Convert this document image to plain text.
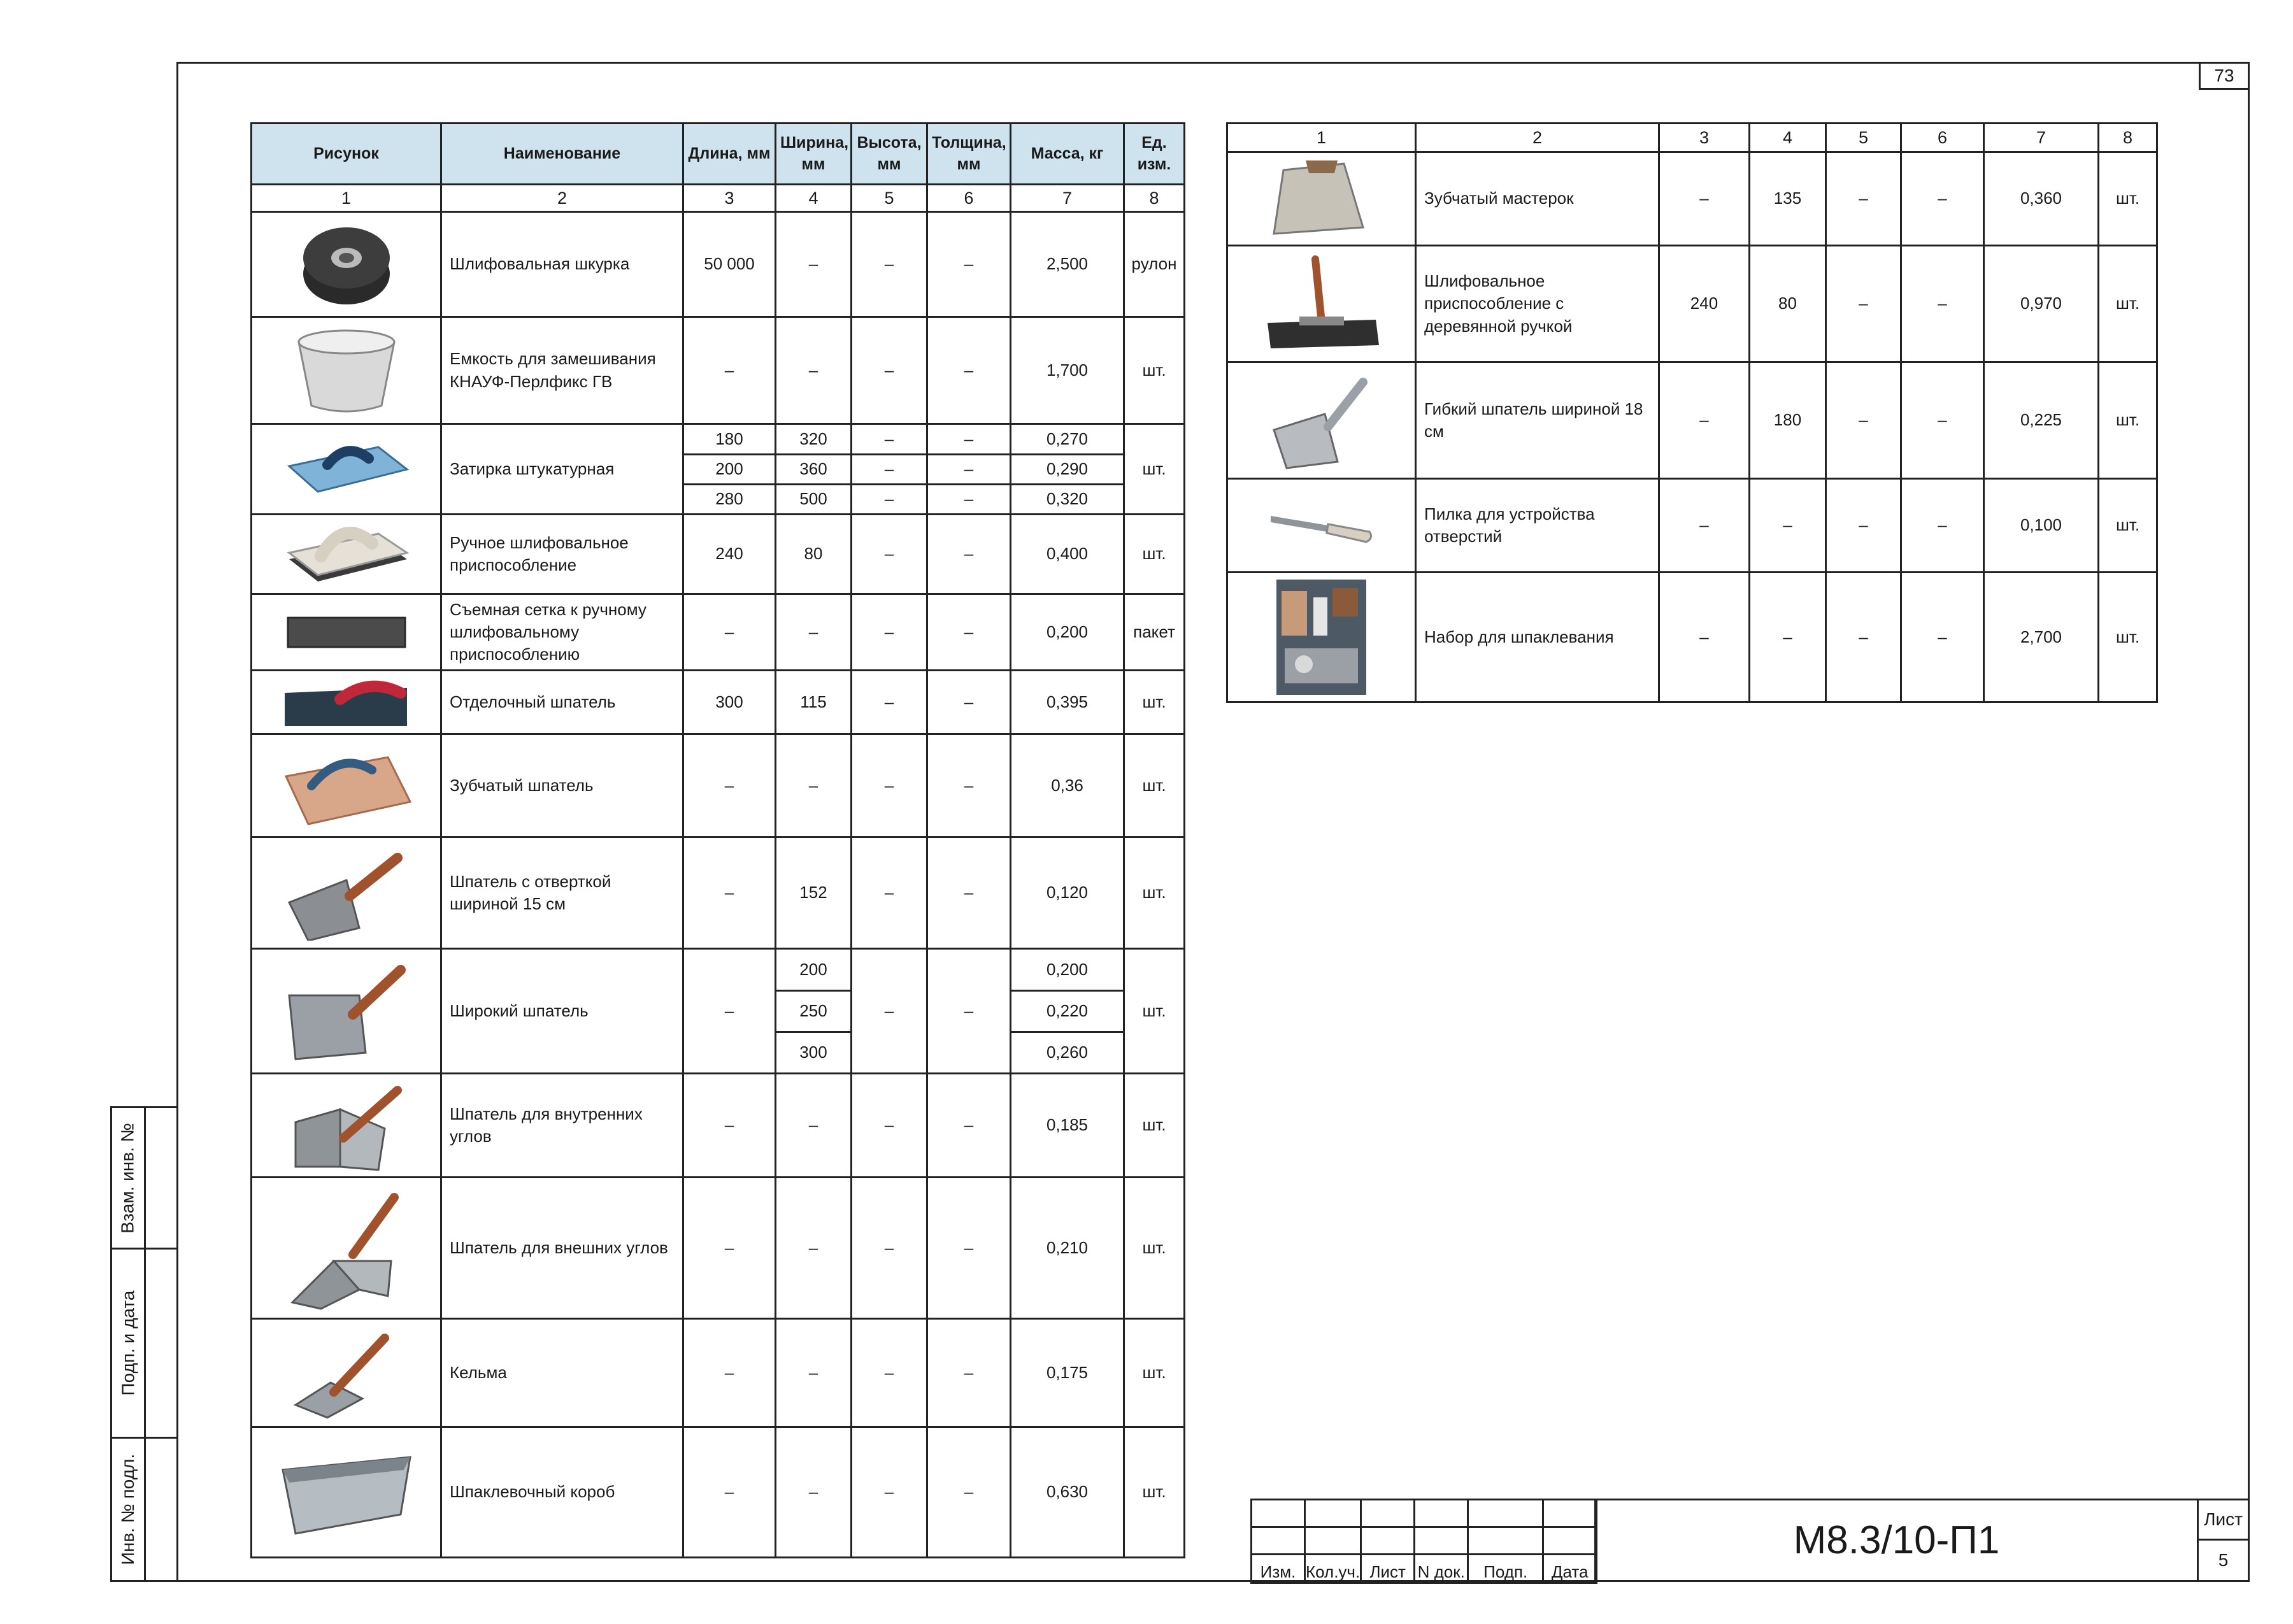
73
Взам. инв. №
Подп. и дата
Инв. № подл.
Рисунок	Наименование	Длина, мм	Ширина, мм	Высота, мм	Толщина, мм	Масса, кг	Ед. изм.
1	2	3	4	5	6	7	8

	Шлифовальная шкурка	50 000	–	–	–	2,500	рулон

	Емкость для замешивания КНАУФ-Перлфикс ГВ	–	–	–	–	1,700	шт.

	Затирка штукатурная	180	320	–	–	0,270	шт.
		200	360	–	–	0,290	
		280	500	–	–	0,320	

	Ручное шлифовальное приспособление	240	80	–	–	0,400	шт.

	Съемная сетка к ручному шлифовальному приспособлению	–	–	–	–	0,200	пакет

	Отделочный шпатель	300	115	–	–	0,395	шт.

	Зубчатый шпатель	–	–	–	–	0,36	шт.

	Шпатель с отверткой шириной 15 см	–	152	–	–	0,120	шт.

	Широкий шпатель	–	200	–	–	0,200	шт.
			250			0,220	
			300			0,260	

	Шпатель для внутренних углов	–	–	–	–	0,185	шт.

	Шпатель для внешних углов	–	–	–	–	0,210	шт.

	Кельма	–	–	–	–	0,175	шт.

	Шпаклевочный короб	–	–	–	–	0,630	шт.
1	2	3	4	5	6	7	8

	Зубчатый мастерок	–	135	–	–	0,360	шт.

	Шлифовальное приспособление с деревянной ручкой	240	80	–	–	0,970	шт.

	Гибкий шпатель шириной 18 см	–	180	–	–	0,225	шт.

	Пилка для устройства отверстий	–	–	–	–	0,100	шт.

	Набор для шпаклевания	–	–	–	–	2,700	шт.

Изм.	Кол.уч.	Лист	N док.	Подп.	Дата
М8.3/10-П1	Лист
5
